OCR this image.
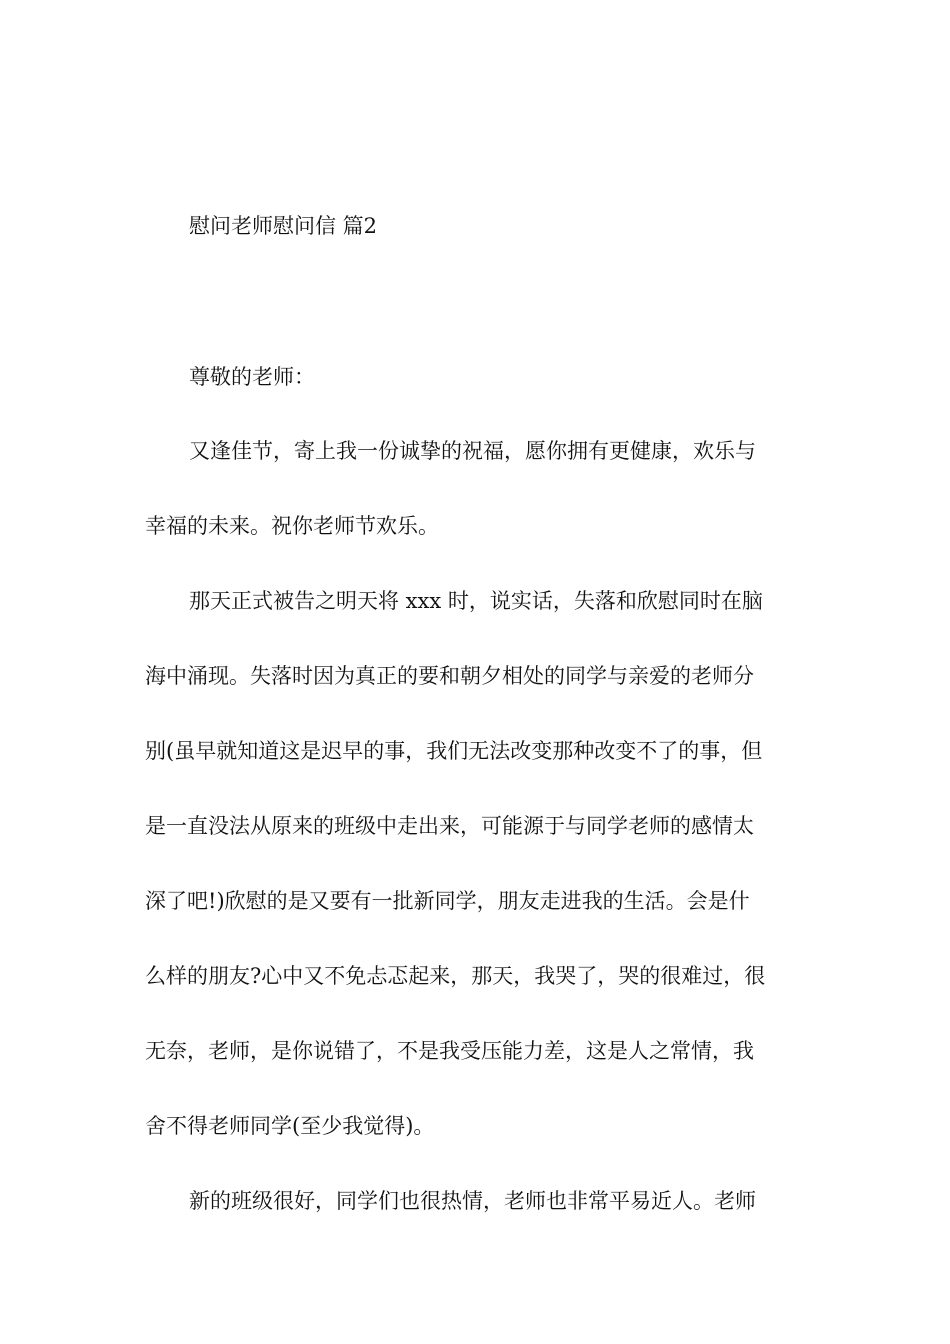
慰问老师慰问信 篇2
尊敬的老师：
又逢佳节，寄上我一份诚挚的祝福，愿你拥有更健康，欢乐与
幸福的未来。祝你老师节欢乐。
那天正式被告之明天将 xxx 时，说实话，失落和欣慰同时在脑
海中涌现。失落时因为真正的要和朝夕相处的同学与亲爱的老师分
别(虽早就知道这是迟早的事，我们无法改变那种改变不了的事，但
是一直没法从原来的班级中走出来，可能源于与同学老师的感情太
深了吧!)欣慰的是又要有一批新同学，朋友走进我的生活。会是什
么样的朋友?心中又不免忐忑起来，那天，我哭了，哭的很难过，很
无奈，老师，是你说错了，不是我受压能力差，这是人之常情，我
舍不得老师同学(至少我觉得)。
新的班级很好，同学们也很热情，老师也非常平易近人。老师
